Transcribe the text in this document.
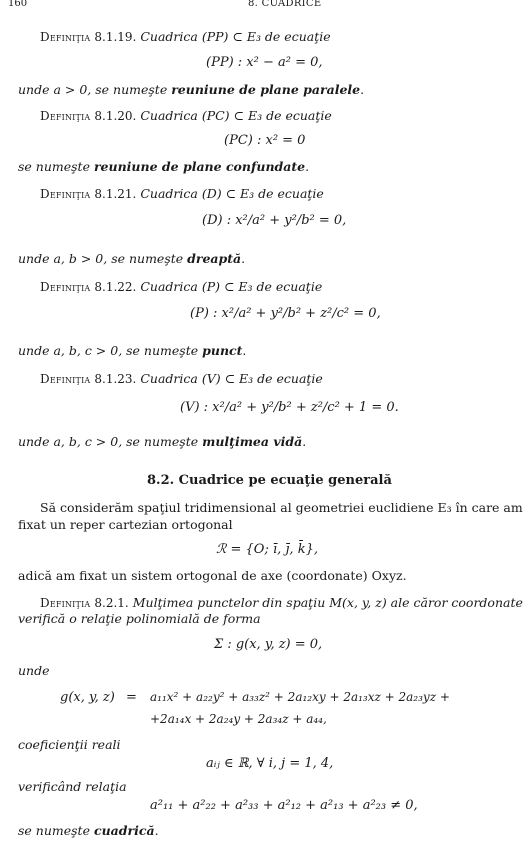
160	8. CUADRICE
Definiţia 8.1.19. Cuadrica (PP) ⊂ E₃ de ecuaţie
(PP) : x² − a² = 0,
unde a > 0, se numeşte reuniune de plane paralele.
Definiţia 8.1.20. Cuadrica (PC) ⊂ E₃ de ecuaţie
(PC) : x² = 0
se numeşte reuniune de plane confundate.
Definiţia 8.1.21. Cuadrica (D) ⊂ E₃ de ecuaţie
(D) : x²/a² + y²/b² = 0,
unde a, b > 0, se numeşte dreaptă.
Definiţia 8.1.22. Cuadrica (P) ⊂ E₃ de ecuaţie
(P) : x²/a² + y²/b² + z²/c² = 0,
unde a, b, c > 0, se numeşte punct.
Definiţia 8.1.23. Cuadrica (V) ⊂ E₃ de ecuaţie
(V) : x²/a² + y²/b² + z²/c² + 1 = 0.
unde a, b, c > 0, se numeşte mulţimea vidă.
8.2. Cuadrice pe ecuaţie generală
Să considerăm spaţiul tridimensional al geometriei euclidiene E₃ în care am
fixat un reper cartezian ortogonal
ℛ = {O; ī, j̄, k̄},
adică am fixat un sistem ortogonal de axe (coordonate) Oxyz.
Definiţia 8.2.1. Mulţimea punctelor din spaţiu M(x, y, z) ale căror coordonate
verifică o relaţie polinomială de forma
Σ : g(x, y, z) = 0,
unde
g(x, y, z) = a₁₁x² + a₂₂y² + a₃₃z² + 2a₁₂xy + 2a₁₃xz + 2a₂₃yz +
+2a₁₄x + 2a₂₄y + 2a₃₄z + a₄₄,
coeficienţii reali
aᵢⱼ ∈ ℝ, ∀ i, j = 1, 4,
verificând relaţia
a²₁₁ + a²₂₂ + a²₃₃ + a²₁₂ + a²₁₃ + a²₂₃ ≠ 0,
se numeşte cuadrică.
